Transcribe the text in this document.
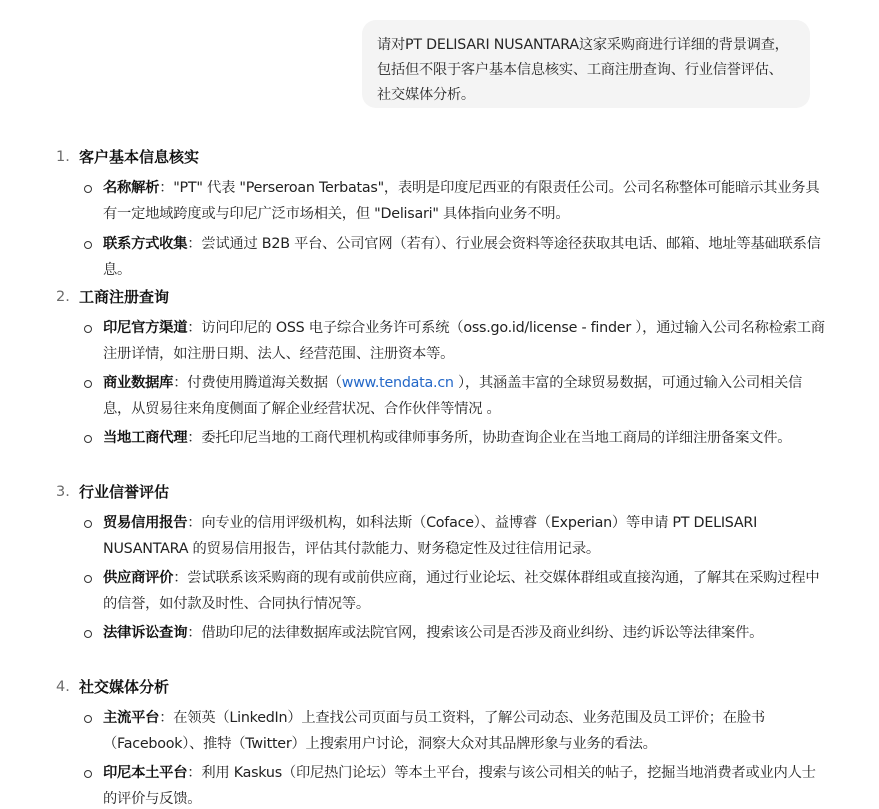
请对PT DELISARI NUSANTARA这家采购商进行详细的背景调查，包括但不限于客户基本信息核实、工商注册查询、行业信誉评估、社交媒体分析。
1. 客户基本信息核实
名称解析："PT" 代表 "Perseroan Terbatas"，表明是印度尼西亚的有限责任公司。公司名称整体可能暗示其业务具有一定地域跨度或与印尼广泛市场相关，但 "Delisari" 具体指向业务不明。
联系方式收集：尝试通过 B2B 平台、公司官网（若有）、行业展会资料等途径获取其电话、邮箱、地址等基础联系信息。
2. 工商注册查询
印尼官方渠道：访问印尼的 OSS 电子综合业务许可系统（oss.go.id/license - finder ），通过输入公司名称检索工商注册详情，如注册日期、法人、经营范围、注册资本等。
商业数据库：付费使用腾道海关数据（www.tendata.cn ），其涵盖丰富的全球贸易数据，可通过输入公司相关信息，从贸易往来角度侧面了解企业经营状况、合作伙伴等情况 。
当地工商代理：委托印尼当地的工商代理机构或律师事务所，协助查询企业在当地工商局的详细注册备案文件。
3. 行业信誉评估
贸易信用报告：向专业的信用评级机构，如科法斯（Coface）、益博睿（Experian）等申请 PT DELISARI NUSANTARA 的贸易信用报告，评估其付款能力、财务稳定性及过往信用记录。
供应商评价：尝试联系该采购商的现有或前供应商，通过行业论坛、社交媒体群组或直接沟通，了解其在采购过程中的信誉，如付款及时性、合同执行情况等。
法律诉讼查询：借助印尼的法律数据库或法院官网，搜索该公司是否涉及商业纠纷、违约诉讼等法律案件。
4. 社交媒体分析
主流平台：在领英（LinkedIn）上查找公司页面与员工资料，了解公司动态、业务范围及员工评价；在脸书（Facebook）、推特（Twitter）上搜索用户讨论，洞察大众对其品牌形象与业务的看法。
印尼本土平台：利用 Kaskus（印尼热门论坛）等本土平台，搜索与该公司相关的帖子，挖掘当地消费者或业内人士的评价与反馈。
